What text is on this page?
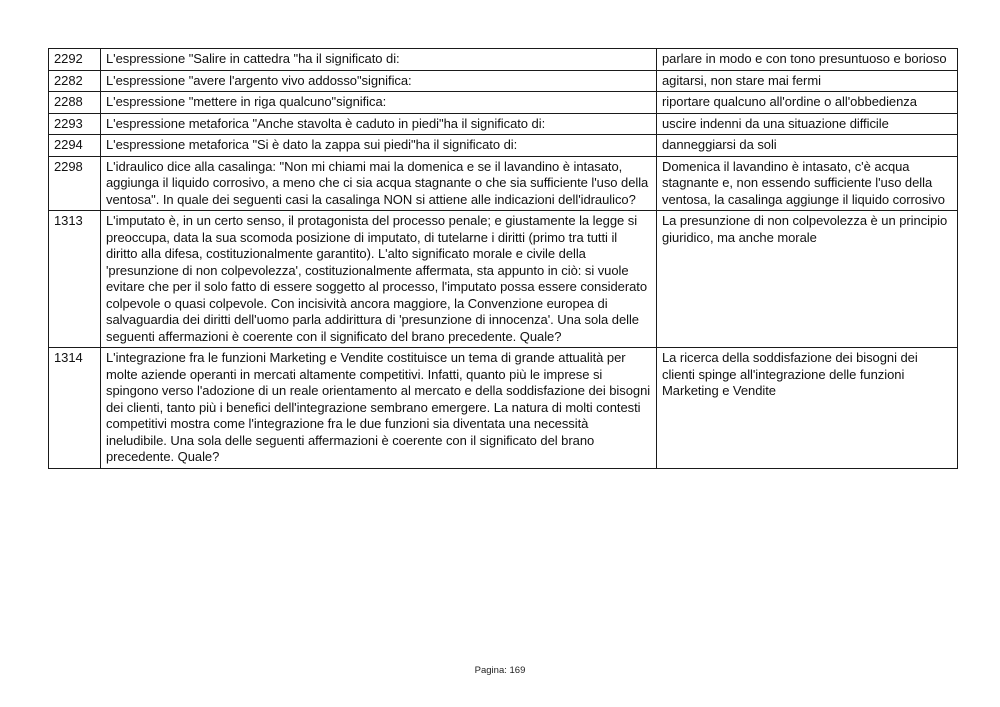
2292	L'espressione "Salire in cattedra "ha il significato di:	parlare in modo e con tono presuntuoso e borioso
2282	L'espressione "avere l'argento vivo addosso"significa:	agitarsi, non stare mai fermi
2288	L'espressione "mettere in riga qualcuno"significa:	riportare qualcuno all'ordine o all'obbedienza
2293	L'espressione metaforica "Anche stavolta è caduto in piedi"ha il significato di:	uscire indenni da una situazione difficile
2294	L'espressione metaforica "Si è dato la zappa sui piedi"ha il significato di:	danneggiarsi da soli
2298	L'idraulico dice alla casalinga: "Non mi chiami mai la domenica e se il lavandino è intasato, aggiunga il liquido corrosivo, a meno che ci sia acqua stagnante o che sia sufficiente l'uso della ventosa". In quale dei seguenti casi la casalinga NON si attiene alle indicazioni dell'idraulico?	Domenica il lavandino è intasato, c'è acqua stagnante e, non essendo sufficiente l'uso della ventosa, la casalinga aggiunge il liquido corrosivo
1313	L'imputato è, in un certo senso, il protagonista del processo penale; e giustamente la legge si preoccupa, data la sua scomoda posizione di imputato, di tutelarne i diritti (primo tra tutti il diritto alla difesa, costituzionalmente garantito). L'alto significato morale e civile della 'presunzione di non colpevolezza', costituzionalmente affermata, sta appunto in ciò: si vuole evitare che per il solo fatto di essere soggetto al processo, l'imputato possa essere considerato colpevole o quasi colpevole. Con incisività ancora maggiore, la Convenzione europea di salvaguardia dei diritti dell'uomo parla addirittura di 'presunzione di innocenza'. Una sola delle seguenti affermazioni è coerente con il significato del brano precedente. Quale?	La presunzione di non colpevolezza è un principio giuridico, ma anche morale
1314	L'integrazione fra le funzioni Marketing e Vendite costituisce un tema di grande attualità per molte aziende operanti in mercati altamente competitivi. Infatti, quanto più le imprese si spingono verso l'adozione di un reale orientamento al mercato e della soddisfazione dei bisogni dei clienti, tanto più i benefici dell'integrazione sembrano emergere. La natura di molti contesti competitivi mostra come l'integrazione fra le due funzioni sia diventata una necessità ineludibile. Una sola delle seguenti affermazioni è coerente con il significato del brano precedente. Quale?	La ricerca della soddisfazione dei bisogni dei clienti spinge all'integrazione delle funzioni Marketing e Vendite
Pagina: 169
